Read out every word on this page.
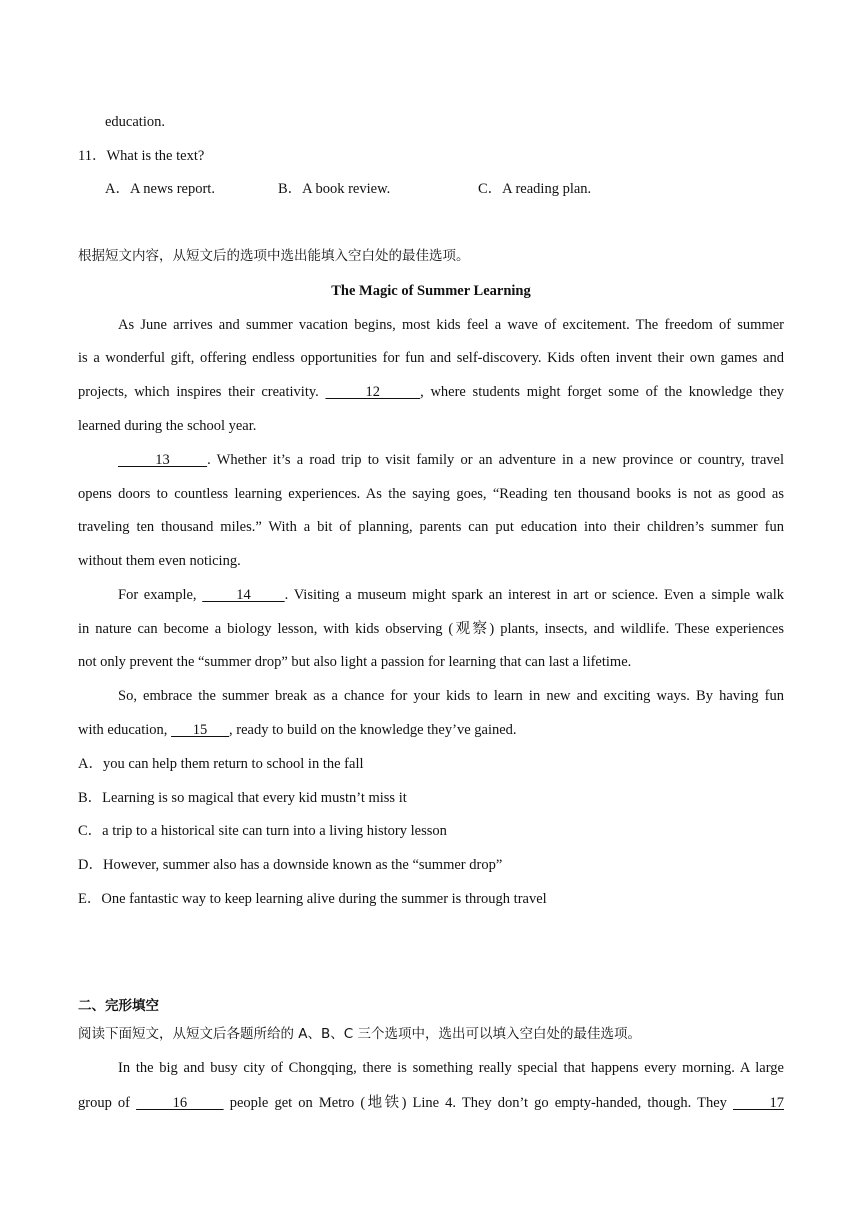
education.
11．What is the text?
A．A news report.	B．A book review.	C．A reading plan.
根据短文内容，从短文后的选项中选出能填入空白处的最佳选项。
The Magic of Summer Learning
As June arrives and summer vacation begins, most kids feel a wave of excitement. The freedom of summer
is a wonderful gift, offering endless opportunities for fun and self-discovery. Kids often invent their own games and
projects, which inspires their creativity.       12      , where students might forget some of the knowledge they
learned during the school year.
13      . Whether it’s a road trip to visit family or an adventure in a new province or country, travel
opens doors to countless learning experiences. As the saying goes, “Reading ten thousand books is not as good as
traveling ten thousand miles.” With a bit of planning, parents can put education into their children’s summer fun
without them even noticing.
For example,       14      . Visiting a museum might spark an interest in art or science. Even a simple walk
in nature can become a biology lesson, with kids observing (观察) plants, insects, and wildlife. These experiences
not only prevent the “summer drop” but also light a passion for learning that can last a lifetime.
So, embrace the summer break as a chance for your kids to learn in new and exciting ways. By having fun
with education,       15      , ready to build on the knowledge they’ve gained.
A．you can help them return to school in the fall
B．Learning is so magical that every kid mustn’t miss it
C．a trip to a historical site can turn into a living history lesson
D．However, summer also has a downside known as the “summer drop”
E．One fantastic way to keep learning alive during the summer is through travel
二、完形填空
阅读下面短文，从短文后各题所给的 A、B、C 三个选项中，选出可以填入空白处的最佳选项。
In the big and busy city of Chongqing, there is something really special that happens every morning. A large
group of       16       people get on Metro (地铁) Line 4. They don’t go empty-handed, though. They       17
